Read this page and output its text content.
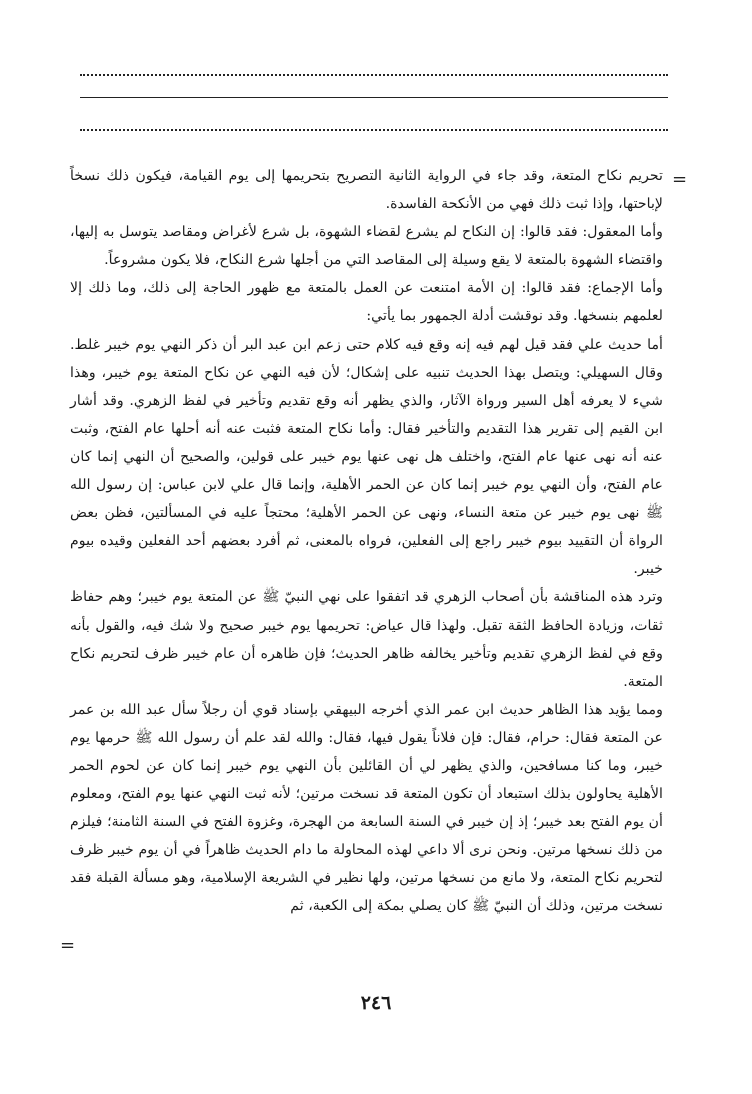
=

تحريم نكاح المتعة، وقد جاء في الرواية الثانية التصريح بتحريمها إلى يوم القيامة، فيكون ذلك نسخاً لإباحتها، وإذا ثبت ذلك فهي من الأنكحة الفاسدة.

وأما المعقول: فقد قالوا: إن النكاح لم يشرع لقضاء الشهوة، بل شرع لأغراض ومقاصد يتوسل به إليها، واقتضاء الشهوة بالمتعة لا يقع وسيلة إلى المقاصد التي من أجلها شرع النكاح، فلا يكون مشروعاً.

وأما الإجماع: فقد قالوا: إن الأمة امتنعت عن العمل بالمتعة مع ظهور الحاجة إلى ذلك، وما ذلك إلا لعلمهم بنسخها. وقد نوقشت أدلة الجمهور بما يأتي:

أما حديث علي فقد قيل لهم فيه إنه وقع فيه كلام حتى زعم ابن عبد البر أن ذكر النهي يوم خيبر غلط. وقال السهيلي: ويتصل بهذا الحديث تنبيه على إشكال؛ لأن فيه النهي عن نكاح المتعة يوم خيبر، وهذا شيء لا يعرفه أهل السير ورواة الآثار، والذي يظهر أنه وقع تقديم وتأخير في لفظ الزهري. وقد أشار ابن القيم إلى تقرير هذا التقديم والتأخير فقال: وأما نكاح المتعة فثبت عنه أنه أحلها عام الفتح، وثبت عنه أنه نهى عنها عام الفتح، واختلف هل نهى عنها يوم خيبر على قولين، والصحيح أن النهي إنما كان عام الفتح، وأن النهي يوم خيبر إنما كان عن الحمر الأهلية، وإنما قال علي لابن عباس: إن رسول الله ﷺ نهى يوم خيبر عن متعة النساء، ونهى عن الحمر الأهلية؛ محتجاً عليه في المسألتين، فظن بعض الرواة أن التقييد بيوم خيبر راجع إلى الفعلين، فرواه بالمعنى، ثم أفرد بعضهم أحد الفعلين وقيده بيوم خيبر.

وترد هذه المناقشة بأن أصحاب الزهري قد اتفقوا على نهي النبيّ ﷺ عن المتعة يوم خيبر؛ وهم حفاظ ثقات، وزيادة الحافظ الثقة تقبل. ولهذا قال عياض: تحريمها يوم خيبر صحيح ولا شك فيه، والقول بأنه وقع في لفظ الزهري تقديم وتأخير يخالفه ظاهر الحديث؛ فإن ظاهره أن عام خيبر ظرف لتحريم نكاح المتعة.

ومما يؤيد هذا الظاهر حديث ابن عمر الذي أخرجه البيهقي بإسناد قوي أن رجلاً سأل عبد الله بن عمر عن المتعة فقال: حرام، فقال: فإن فلاناً يقول فيها، فقال: والله لقد علم أن رسول الله ﷺ حرمها يوم خيبر، وما كنا مسافحين، والذي يظهر لي أن القائلين بأن النهي يوم خيبر إنما كان عن لحوم الحمر الأهلية يحاولون بذلك استبعاد أن تكون المتعة قد نسخت مرتين؛ لأنه ثبت النهي عنها يوم الفتح، ومعلوم أن يوم الفتح بعد خيبر؛ إذ إن خيبر في السنة السابعة من الهجرة، وغزوة الفتح في السنة الثامنة؛ فيلزم من ذلك نسخها مرتين. ونحن نرى ألا داعي لهذه المحاولة ما دام الحديث ظاهراً في أن يوم خيبر ظرف لتحريم نكاح المتعة، ولا مانع من نسخها مرتين، ولها نظير في الشريعة الإسلامية، وهو مسألة القبلة فقد نسخت مرتين، وذلك أن النبيّ ﷺ كان يصلي بمكة إلى الكعبة، ثم

=
٢٤٦
